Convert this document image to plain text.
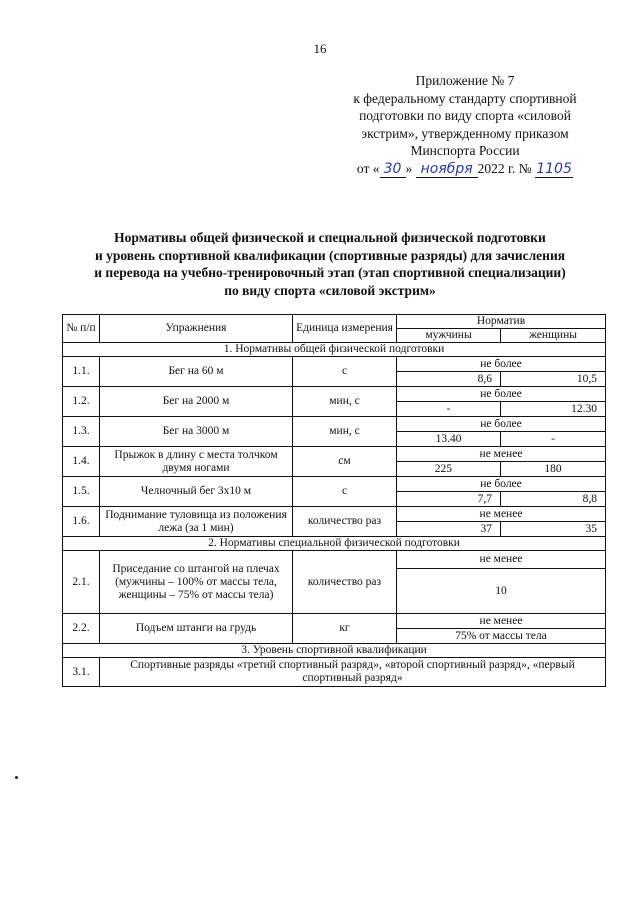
16
Приложение № 7
к федеральному стандарту спортивной
подготовки по виду спорта «силовой
экстрим», утвержденному приказом
Минспорта России
от « 30 » ноября 2022 г. № 1105
Нормативы общей физической и специальной физической подготовки
и уровень спортивной квалификации (спортивные разряды) для зачисления
и перевода на учебно-тренировочный этап (этап спортивной специализации)
по виду спорта «силовой экстрим»
№ п/п	Упражнения	Единица измерения	Норматив	
			мужчины	женщины
1. Нормативы общей физической подготовки				
1.1.	Бег на 60 м	с	не более	
			8,6	10,5
1.2.	Бег на 2000 м	мин, с	не более	
			-	12.30
1.3.	Бег на 3000 м	мин, с	не более	
			13.40	-
1.4.	Прыжок в длину с места толчком двумя ногами	см	не менее	
			225	180
1.5.	Челночный бег 3х10 м	с	не более	
			7,7	8,8
1.6.	Поднимание туловища из положения лежа (за 1 мин)	количество раз	не менее	
			37	35
2. Нормативы специальной физической подготовки				
2.1.	Приседание со штангой на плечах (мужчины – 100% от массы тела, женщины – 75% от массы тела)	количество раз	не менее	
			10	
2.2.	Подъем штанги на грудь	кг	не менее	
			75% от массы тела	
3. Уровень спортивной квалификации				
3.1.	Спортивные разряды «третий спортивный разряд», «второй спортивный разряд», «первый спортивный разряд»			
